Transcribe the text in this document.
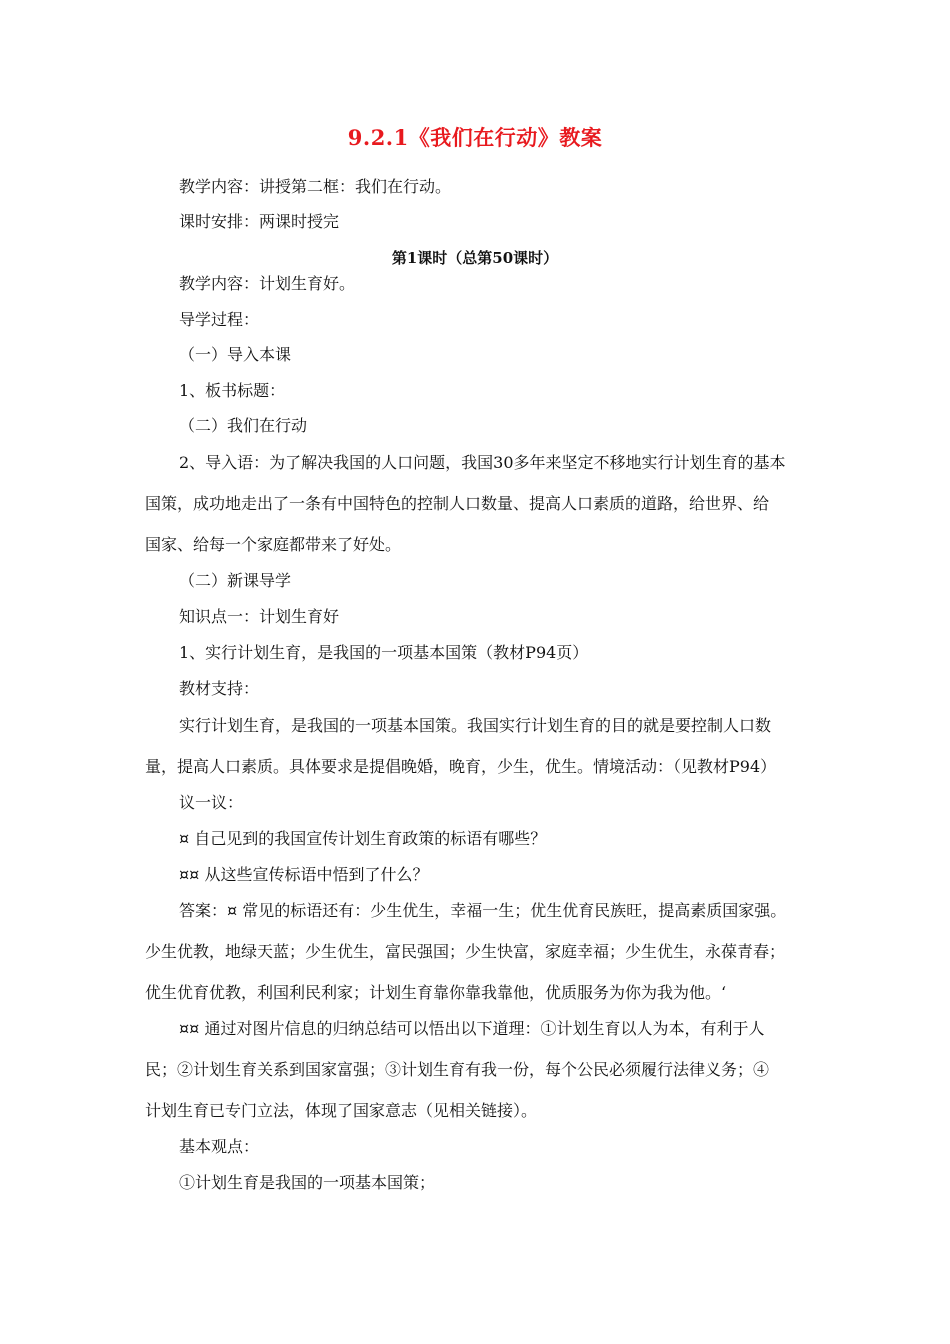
9.2.1《我们在行动》教案
教学内容：讲授第二框：我们在行动。
课时安排：两课时授完
第1课时（总第50课时）
教学内容：计划生育好。
导学过程：
（一）导入本课
1、板书标题：
（二）我们在行动
2、导入语：为了解决我国的人口问题，我国30多年来坚定不移地实行计划生育的基本
国策，成功地走出了一条有中国特色的控制人口数量、提高人口素质的道路，给世界、给
国家、给每一个家庭都带来了好处。
（二）新课导学
知识点一：计划生育好
1、实行计划生育，是我国的一项基本国策（教材P94页）
教材支持：
实行计划生育，是我国的一项基本国策。我国实行计划生育的目的就是要控制人口数
量，提高人口素质。具体要求是提倡晚婚，晚育，少生，优生。情境活动：（见教材P94）
议一议：
¤ 自己见到的我国宣传计划生育政策的标语有哪些？
¤¤ 从这些宣传标语中悟到了什么？
答案：¤ 常见的标语还有：少生优生，幸福一生；优生优育民族旺，提高素质国家强。
少生优教，地绿天蓝；少生优生，富民强国；少生快富，家庭幸福；少生优生，永葆青春；
优生优育优教，利国利民利家；计划生育靠你靠我靠他，优质服务为你为我为他。‘
¤¤ 通过对图片信息的归纳总结可以悟出以下道理：①计划生育以人为本，有利于人
民；②计划生育关系到国家富强；③计划生育有我一份，每个公民必须履行法律义务；④
计划生育已专门立法，体现了国家意志（见相关链接）。
基本观点：
①计划生育是我国的一项基本国策；
